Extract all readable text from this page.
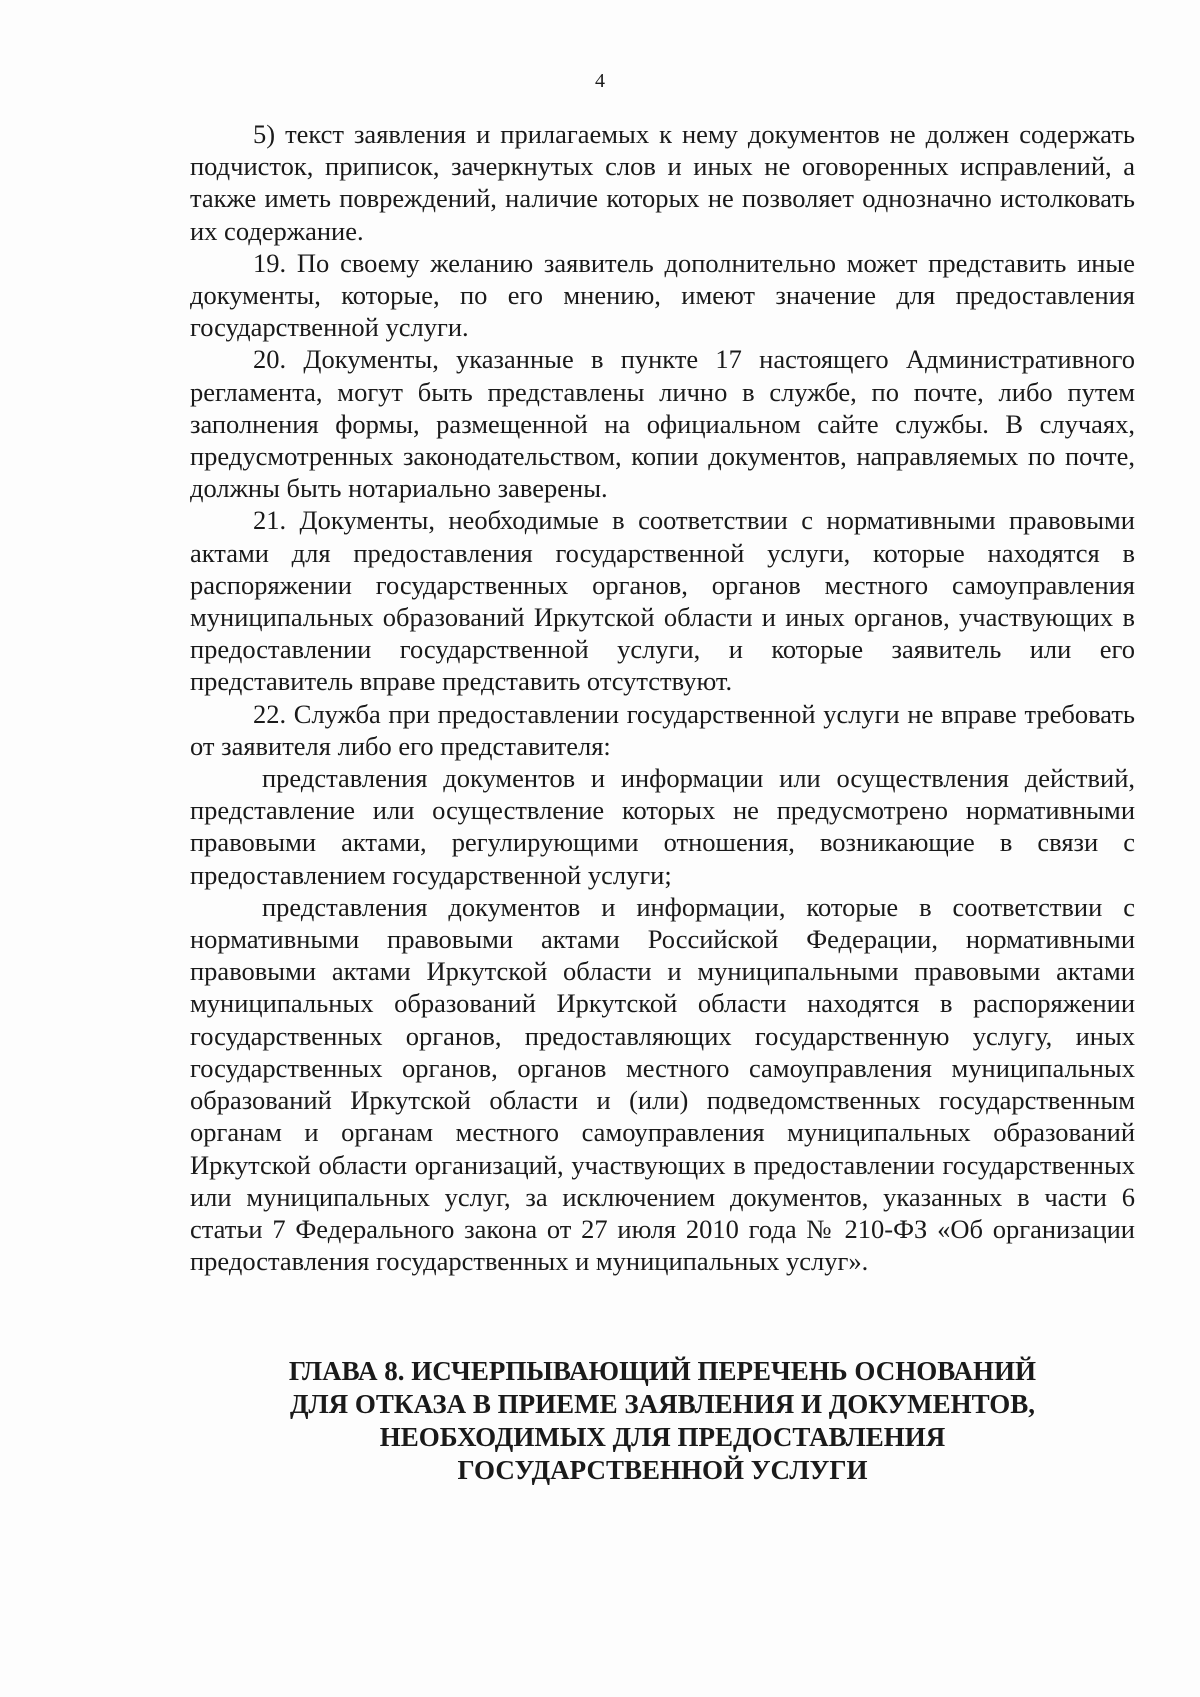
4

5) текст заявления и прилагаемых к нему документов не должен содержать подчисток, приписок, зачеркнутых слов и иных не оговоренных исправлений, а также иметь повреждений, наличие которых не позволяет однозначно истолковать их содержание.

19. По своему желанию заявитель дополнительно может представить иные документы, которые, по его мнению, имеют значение для предоставления государственной услуги.

20. Документы, указанные в пункте 17 настоящего Административного регламента, могут быть представлены лично в службе, по почте, либо путем заполнения формы, размещенной на официальном сайте службы. В случаях, предусмотренных законодательством, копии документов, направляемых по почте, должны быть нотариально заверены.

21. Документы, необходимые в соответствии с нормативными правовыми актами для предоставления государственной услуги, которые находятся в распоряжении государственных органов, органов местного самоуправления муниципальных образований Иркутской области и иных органов, участвующих в предоставлении государственной услуги, и которые заявитель или его представитель вправе представить отсутствуют.

22. Служба при предоставлении государственной услуги не вправе требовать от заявителя либо его представителя:

представления документов и информации или осуществления действий, представление или осуществление которых не предусмотрено нормативными правовыми актами, регулирующими отношения, возникающие в связи с предоставлением государственной услуги;

представления документов и информации, которые в соответствии с нормативными правовыми актами Российской Федерации, нормативными правовыми актами Иркутской области и муниципальными правовыми актами муниципальных образований Иркутской области находятся в распоряжении государственных органов, предоставляющих государственную услугу, иных государственных органов, органов местного самоуправления муниципальных образований Иркутской области и (или) подведомственных государственным органам и органам местного самоуправления муниципальных образований Иркутской области организаций, участвующих в предоставлении государственных или муниципальных услуг, за исключением документов, указанных в части 6 статьи 7 Федерального закона от 27 июля 2010 года № 210-ФЗ «Об организации предоставления государственных и муниципальных услуг».

ГЛАВА 8. ИСЧЕРПЫВАЮЩИЙ ПЕРЕЧЕНЬ ОСНОВАНИЙ
ДЛЯ ОТКАЗА В ПРИЕМЕ ЗАЯВЛЕНИЯ И ДОКУМЕНТОВ,
НЕОБХОДИМЫХ ДЛЯ ПРЕДОСТАВЛЕНИЯ
ГОСУДАРСТВЕННОЙ УСЛУГИ
